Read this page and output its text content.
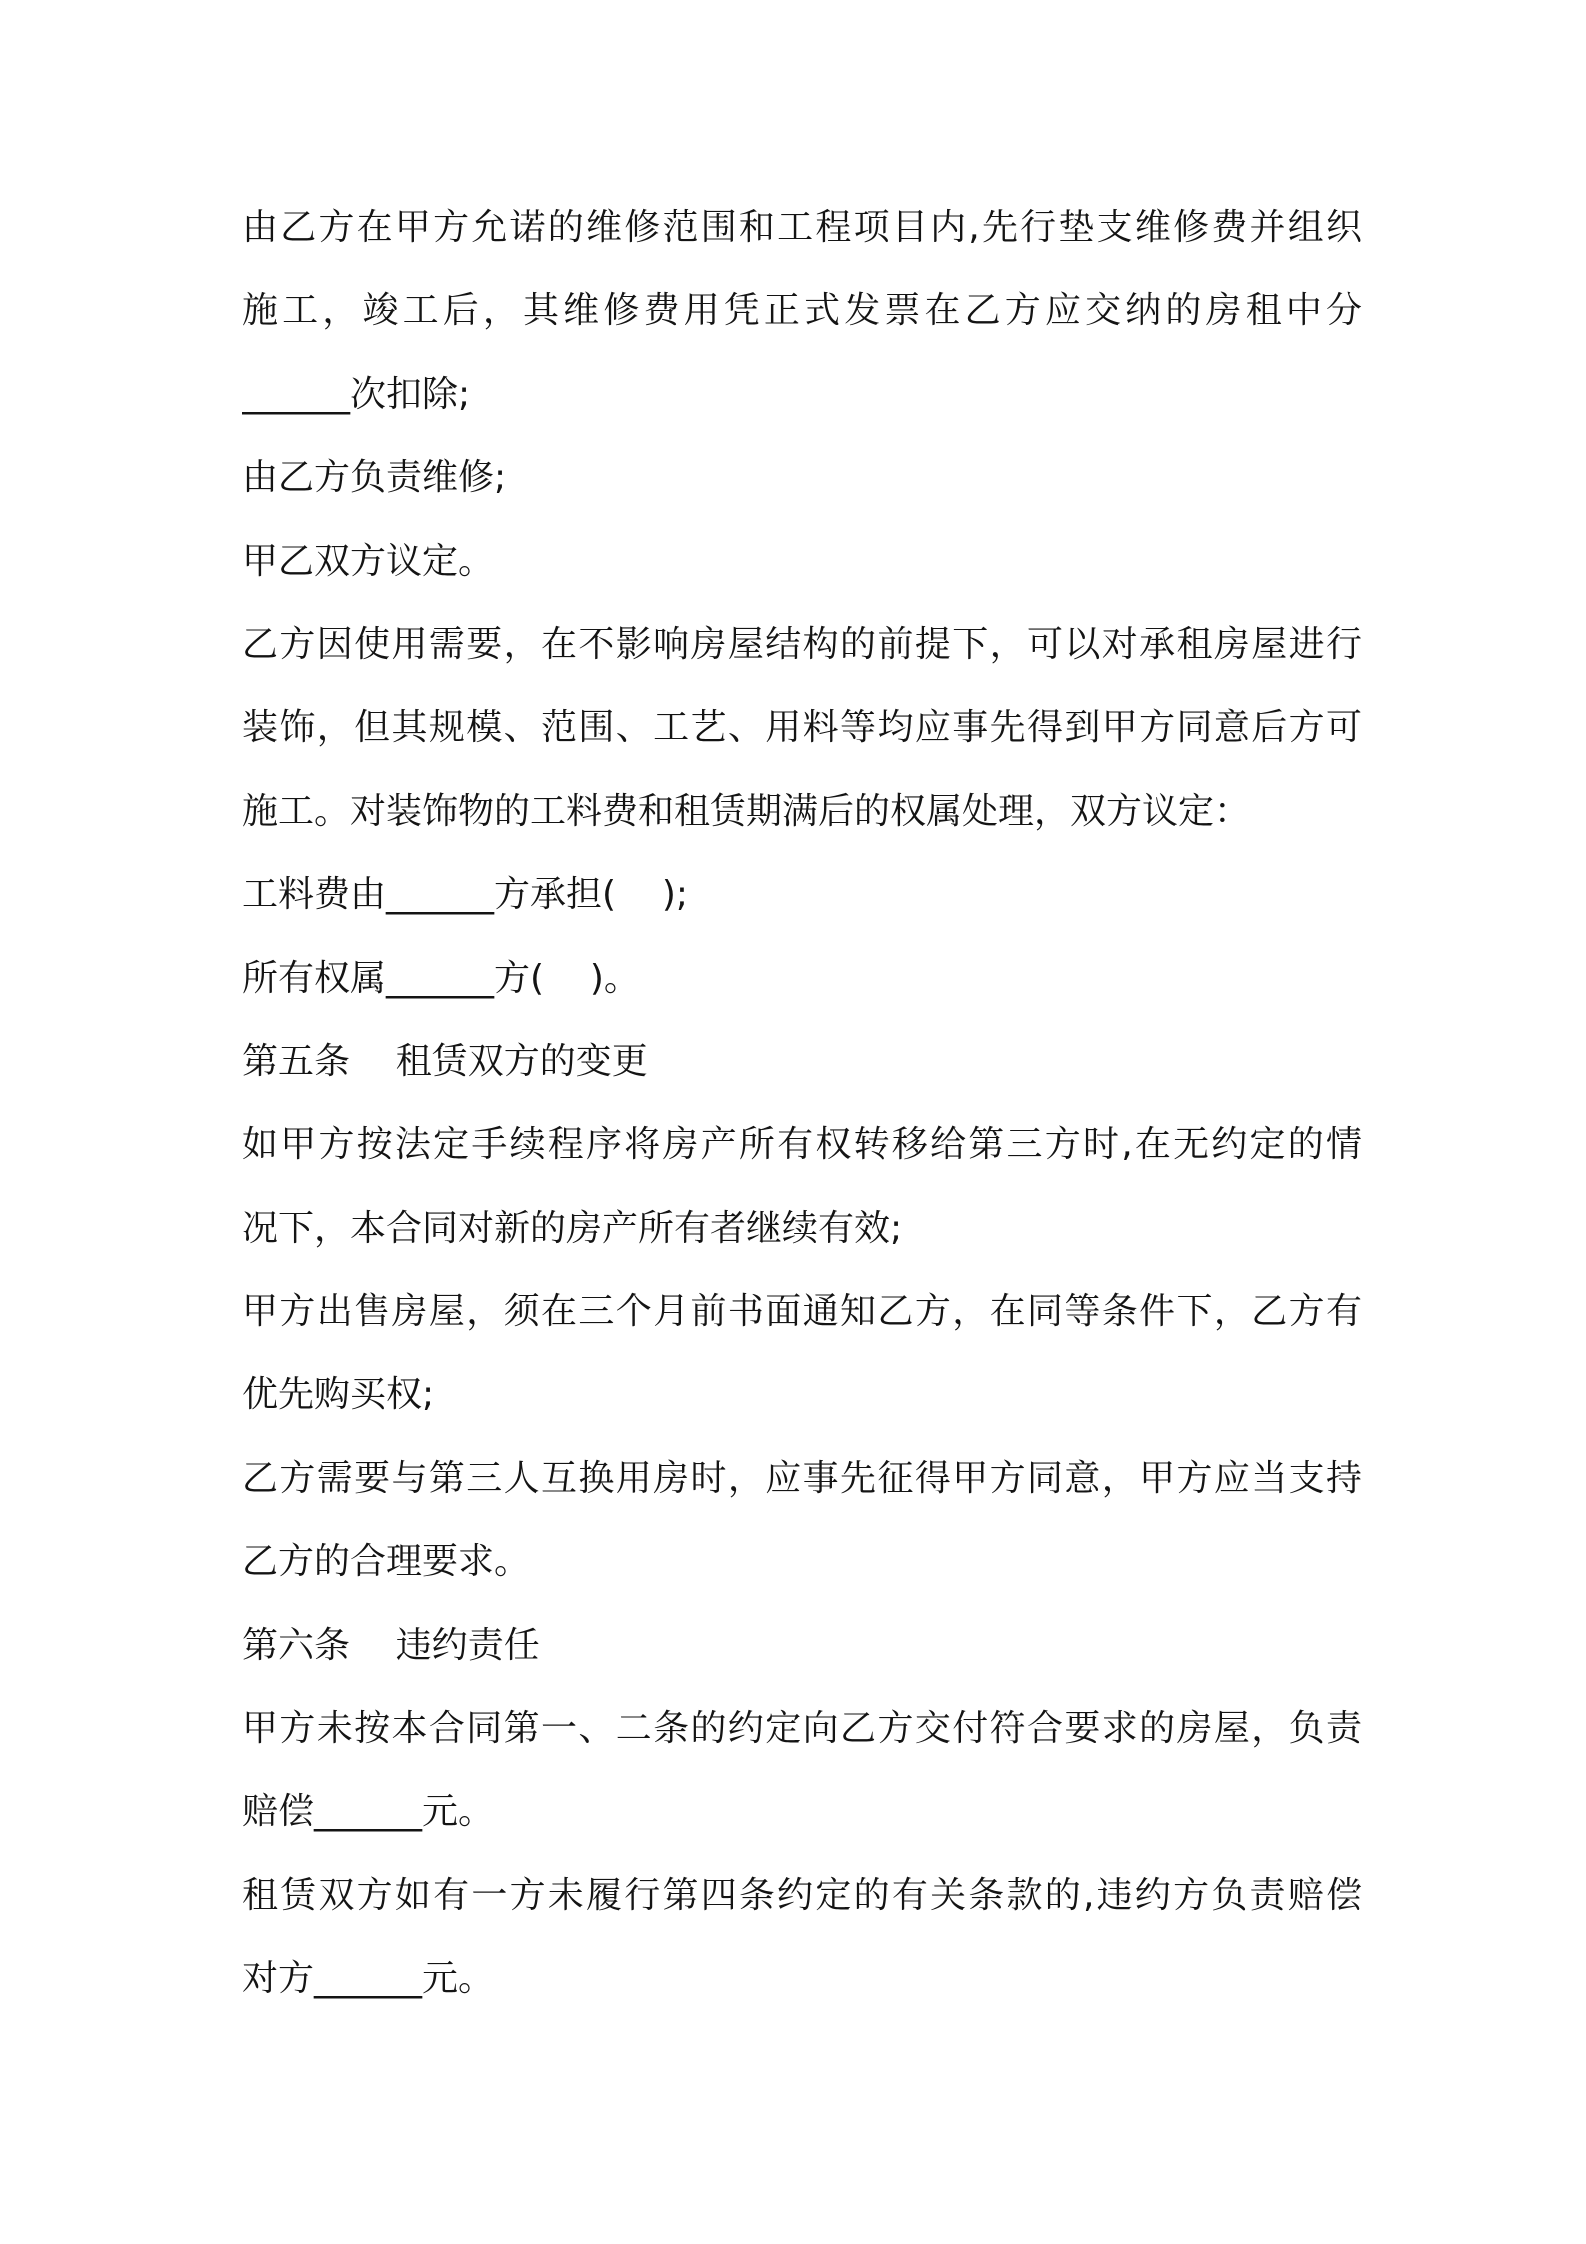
由乙方在甲方允诺的维修范围和工程项目内,先行垫支维修费并组织
施工，竣工后，其维修费用凭正式发票在乙方应交纳的房租中分
______次扣除;
由乙方负责维修;
甲乙双方议定。
乙方因使用需要，在不影响房屋结构的前提下，可以对承租房屋进行
装饰，但其规模、范围、工艺、用料等均应事先得到甲方同意后方可
施工。对装饰物的工料费和租赁期满后的权属处理，双方议定：
工料费由______方承担(    );
所有权属______方(    )。
第五条    租赁双方的变更
如甲方按法定手续程序将房产所有权转移给第三方时,在无约定的情
况下，本合同对新的房产所有者继续有效;
甲方出售房屋，须在三个月前书面通知乙方，在同等条件下，乙方有
优先购买权;
乙方需要与第三人互换用房时，应事先征得甲方同意，甲方应当支持
乙方的合理要求。
第六条    违约责任
甲方未按本合同第一、二条的约定向乙方交付符合要求的房屋，负责
赔偿______元。
租赁双方如有一方未履行第四条约定的有关条款的,违约方负责赔偿
对方______元。
